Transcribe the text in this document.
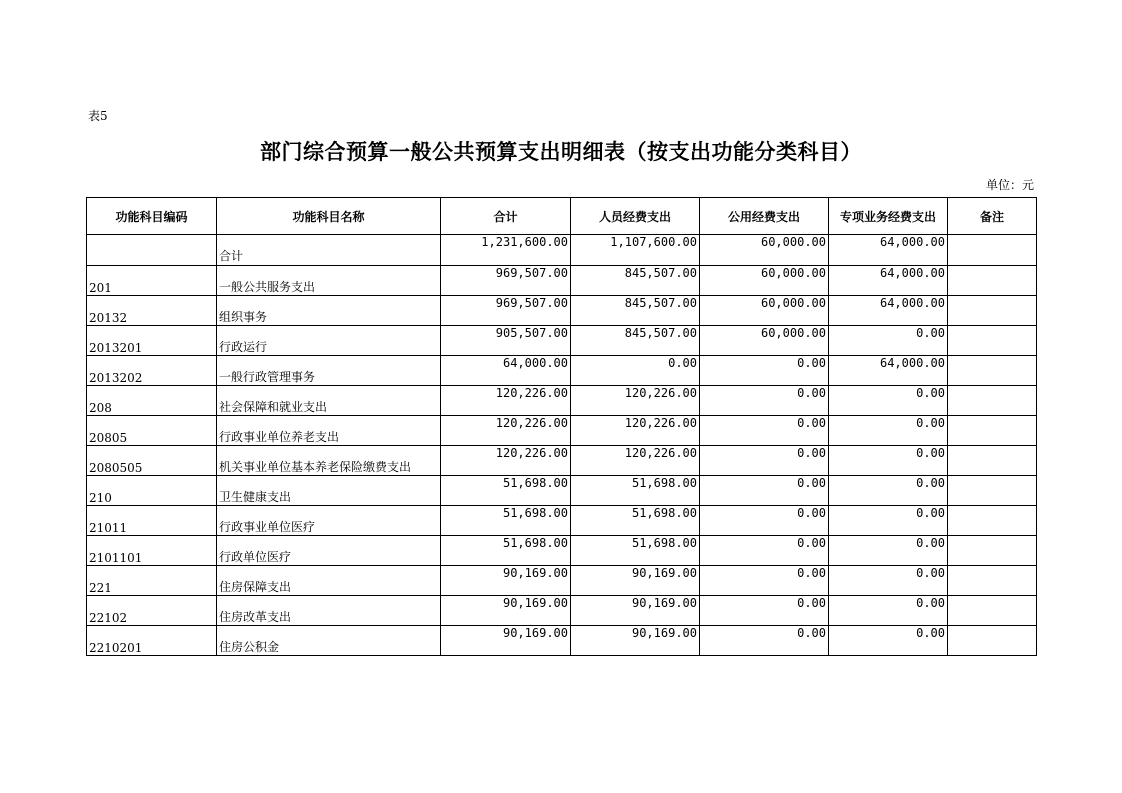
表5
部门综合预算一般公共预算支出明细表（按支出功能分类科目）
单位：元
功能科目编码	功能科目名称	合计	人员经费支出	公用经费支出	专项业务经费支出	备注
	合计	1,231,600.00	1,107,600.00	60,000.00	64,000.00	
201	一般公共服务支出	969,507.00	845,507.00	60,000.00	64,000.00	
20132	组织事务	969,507.00	845,507.00	60,000.00	64,000.00	
2013201	行政运行	905,507.00	845,507.00	60,000.00	0.00	
2013202	一般行政管理事务	64,000.00	0.00	0.00	64,000.00	
208	社会保障和就业支出	120,226.00	120,226.00	0.00	0.00	
20805	行政事业单位养老支出	120,226.00	120,226.00	0.00	0.00	
2080505	机关事业单位基本养老保险缴费支出	120,226.00	120,226.00	0.00	0.00	
210	卫生健康支出	51,698.00	51,698.00	0.00	0.00	
21011	行政事业单位医疗	51,698.00	51,698.00	0.00	0.00	
2101101	行政单位医疗	51,698.00	51,698.00	0.00	0.00	
221	住房保障支出	90,169.00	90,169.00	0.00	0.00	
22102	住房改革支出	90,169.00	90,169.00	0.00	0.00	
2210201	住房公积金	90,169.00	90,169.00	0.00	0.00	
